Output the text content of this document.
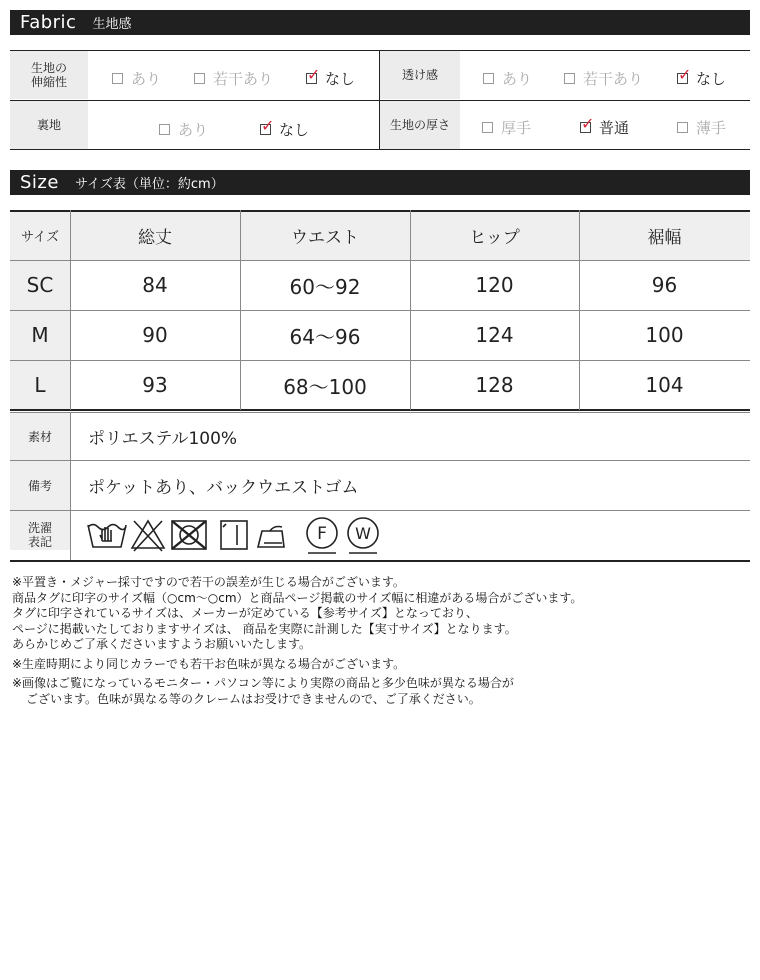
Fabric 生地感
生地の
伸縮性	あり	若干あり ✓ なし	透け感	あり	若干あり ✓ なし
裏地	あり	✓ なし	生地の厚さ	厚手	✓ 普通	薄手
Size サイズ表（単位：約cm）
サイズ	総丈	ウエスト	ヒップ	裾幅
SC	84	60〜92	120	96
M	90	64〜96	124	100
L	93	68〜100	128	104
素材	ポリエステル100%
備考	ポケットあり、バックウエストゴム
洗濯
表記	F W

※平置き・メジャー採寸ですので若干の誤差が生じる場合がございます。

商品タグに印字のサイズ幅（○cm〜○cm）と商品ページ掲載のサイズ幅に相違がある場合がございます。

タグに印字されているサイズは、メーカーが定めている【参考サイズ】となっており、

ページに掲載いたしておりますサイズは、 商品を実際に計測した【実寸サイズ】となります。

あらかじめご了承くださいますようお願いいたします。

※生産時期により同じカラーでも若干お色味が異なる場合がございます。

※画像はご覧になっているモニター・パソコン等により実際の商品と多少色味が異なる場合が

ございます。色味が異なる等のクレームはお受けできませんので、ご了承ください。
